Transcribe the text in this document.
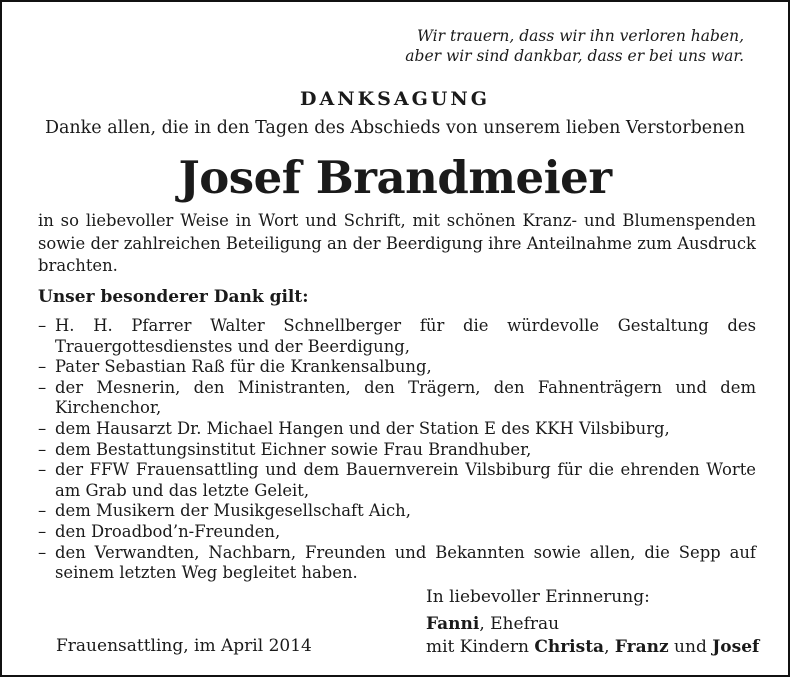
Wir trauern, dass wir ihn verloren haben,
aber wir sind dankbar, dass er bei uns war.
DANKSAGUNG
Danke allen, die in den Tagen des Abschieds von unserem lieben Verstorbenen
Josef Brandmeier
in so liebevoller Weise in Wort und Schrift, mit schönen Kranz- und Blumenspenden sowie der zahlreichen Beteiligung an der Beerdigung ihre Anteilnahme zum Ausdruck brachten.
Unser besonderer Dank gilt:
– H. H. Pfarrer Walter Schnellberger für die würdevolle Gestaltung des Trauergottesdienstes und der Beerdigung,
– Pater Sebastian Raß für die Krankensalbung,
– der Mesnerin, den Ministranten, den Trägern, den Fahnenträgern und dem Kirchenchor,
– dem Hausarzt Dr. Michael Hangen und der Station E des KKH Vilsbiburg,
– dem Bestattungsinstitut Eichner sowie Frau Brandhuber,
– der FFW Frauensattling und dem Bauernverein Vilsbiburg für die ehrenden Worte am Grab und das letzte Geleit,
– dem Musikern der Musikgesellschaft Aich,
– den Droadbod’n-Freunden,
– den Verwandten, Nachbarn, Freunden und Bekannten sowie allen, die Sepp auf seinem letzten Weg begleitet haben.
In liebevoller Erinnerung:
Frauensattling, im April 2014
Fanni, Ehefrau
mit Kindern Christa, Franz und Josef
